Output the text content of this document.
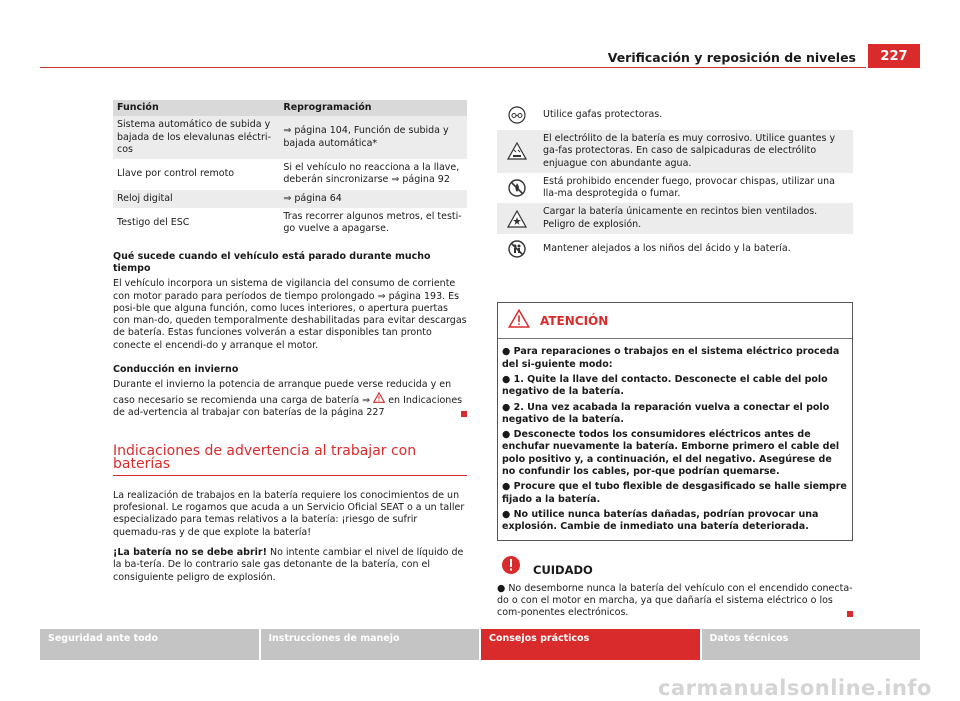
Verificación y reposición de niveles	227
Función	Reprogramación
Sistema automático de subida y bajada de los elevalunas eléctri-cos	⇒ página 104, Función de subida y bajada automática*
Llave por control remoto	Si el vehículo no reacciona a la llave, deberán sincronizarse ⇒ página 92
Reloj digital	⇒ página 64
Testigo del ESC	Tras recorrer algunos metros, el testi-go vuelve a apagarse.
Qué sucede cuando el vehículo está parado durante mucho tiempo
El vehículo incorpora un sistema de vigilancia del consumo de corriente con motor parado para períodos de tiempo prolongado ⇒ página 193. Es posi-ble que alguna función, como luces interiores, o apertura puertas con man-do, queden temporalmente deshabilitadas para evitar descargas de batería. Estas funciones volverán a estar disponibles tan pronto conecte el encendi-do y arranque el motor.
Conducción en invierno
Durante el invierno la potencia de arranque puede verse reducida y en caso necesario se recomienda una carga de batería ⇒ en Indicaciones de ad-vertencia al trabajar con baterías de la página 227
Indicaciones de advertencia al trabajar con baterías
La realización de trabajos en la batería requiere los conocimientos de un profesional. Le rogamos que acuda a un Servicio Oficial SEAT o a un taller especializado para temas relativos a la batería: ¡riesgo de sufrir quemadu-ras y de que explote la batería!
¡La batería no se debe abrir! No intente cambiar el nivel de líquido de la ba-tería. De lo contrario sale gas detonante de la batería, con el consiguiente peligro de explosión.
Utilice gafas protectoras.
El electrólito de la batería es muy corrosivo. Utilice guantes y ga-fas protectoras. En caso de salpicaduras de electrólito enjuague con abundante agua.
Está prohibido encender fuego, provocar chispas, utilizar una lla-ma desprotegida o fumar.
Cargar la batería únicamente en recintos bien ventilados. Peligro de explosión.
Mantener alejados a los niños del ácido y la batería.
ATENCIÓN
● Para reparaciones o trabajos en el sistema eléctrico proceda del si-guiente modo:
● 1. Quite la llave del contacto. Desconecte el cable del polo negativo de la batería.
● 2. Una vez acabada la reparación vuelva a conectar el polo negativo de la batería.
● Desconecte todos los consumidores eléctricos antes de enchufar nuevamente la batería. Emborne primero el cable del polo positivo y, a continuación, el del negativo. Asegúrese de no confundir los cables, por-que podrían quemarse.
● Procure que el tubo flexible de desgasificado se halle siempre fijado a la batería.
● No utilice nunca baterías dañadas, podrían provocar una explosión. Cambie de inmediato una batería deteriorada.
CUIDADO
● No desemborne nunca la batería del vehículo con el encendido conecta-do o con el motor en marcha, ya que dañaría el sistema eléctrico o los com-ponentes electrónicos.
Seguridad ante todo	Instrucciones de manejo	Consejos prácticos	Datos técnicos
carmanualsonline.info
